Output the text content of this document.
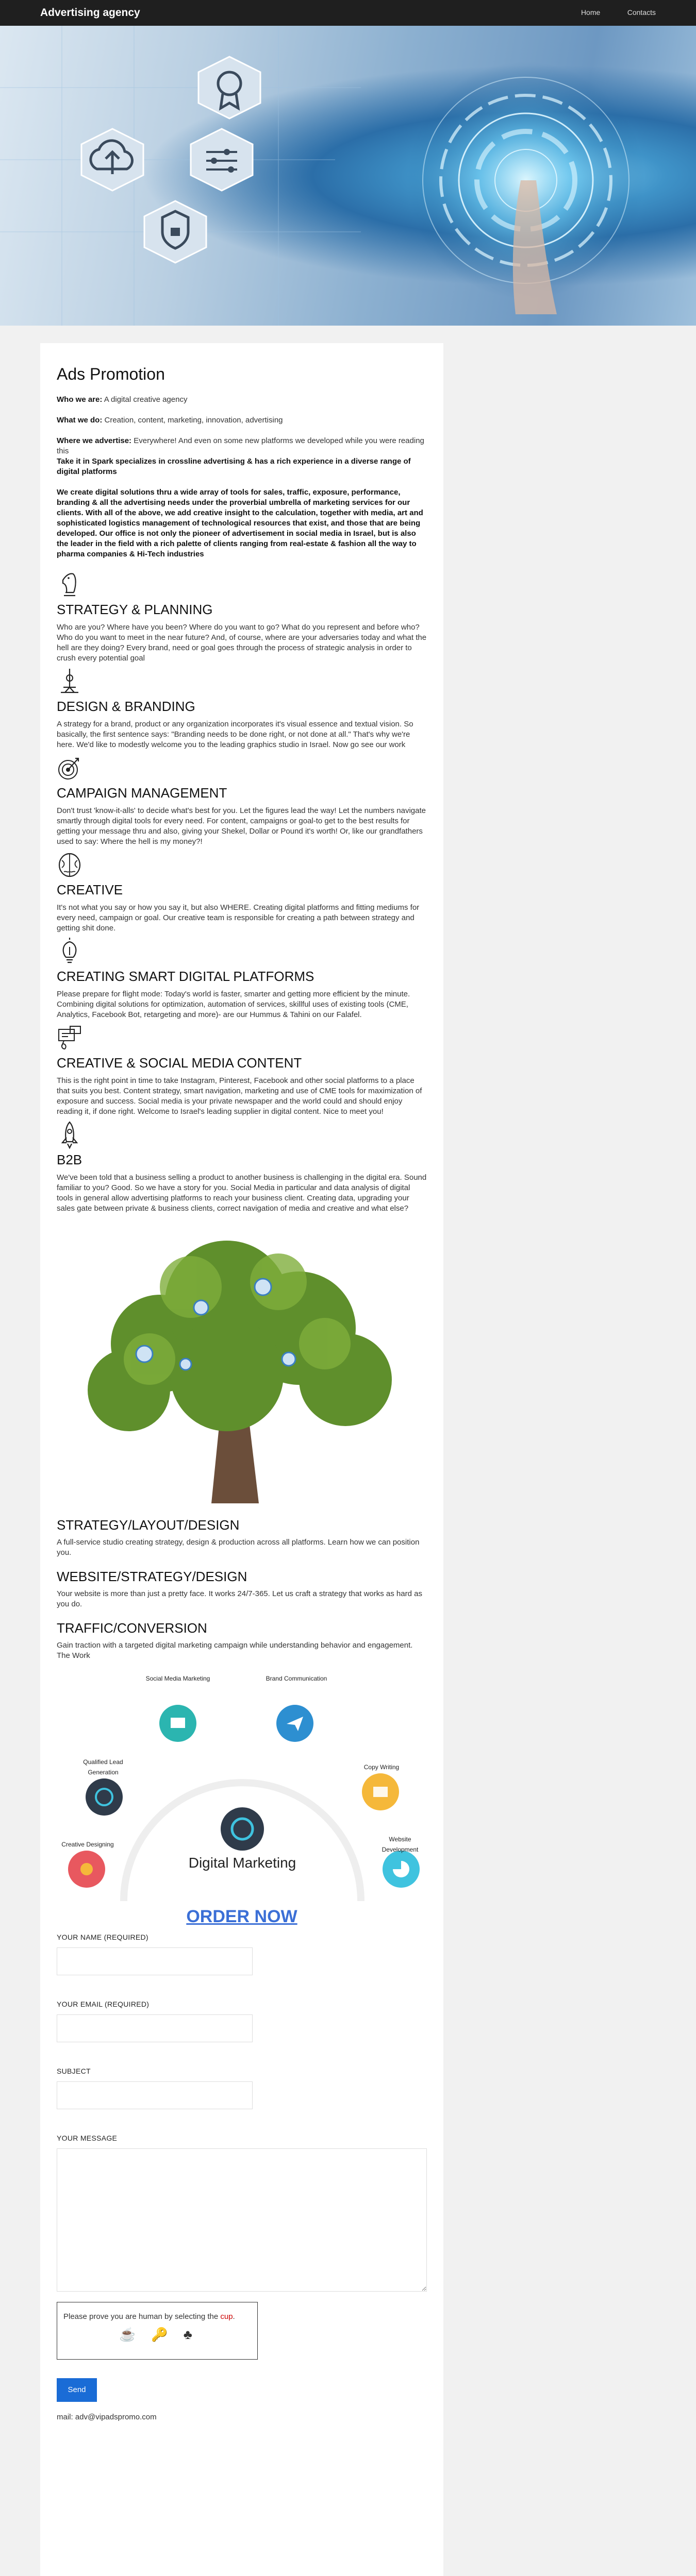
Advertising agency	Home	Contacts
Ads Promotion

Who we are: A digital creative agency

What we do: Creation, content, marketing, innovation, advertising

Where we advertise: Everywhere! And even on some new platforms we developed while you were reading this
Take it in Spark specializes in crossline advertising & has a rich experience in a diverse range of digital platforms

We create digital solutions thru a wide array of tools for sales, traffic, exposure, performance, branding & all the advertising needs under the proverbial umbrella of marketing services for our clients. With all of the above, we add creative insight to the calculation, together with media, art and sophisticated logistics management of technological resources that exist, and those that are being developed. Our office is not only the pioneer of advertisement in social media in Israel, but is also the leader in the field with a rich palette of clients ranging from real-estate & fashion all the way to pharma companies & Hi-Tech industries

STRATEGY & PLANNING

Who are you? Where have you been? Where do you want to go? What do you represent and before who? Who do you want to meet in the near future? And, of course, where are your adversaries today and what the hell are they doing? Every brand, need or goal goes through the process of strategic analysis in order to crush every potential goal

DESIGN & BRANDING

A strategy for a brand, product or any organization incorporates it's visual essence and textual vision. So basically, the first sentence says: "Branding needs to be done right, or not done at all." That's why we're here. We'd like to modestly welcome you to the leading graphics studio in Israel. Now go see our work

CAMPAIGN MANAGEMENT

Don't trust 'know-it-alls' to decide what's best for you. Let the figures lead the way! Let the numbers navigate smartly through digital tools for every need. For content, campaigns or goal-to get to the best results for getting your message thru and also, giving your Shekel, Dollar or Pound it's worth! Or, like our grandfathers used to say: Where the hell is my money?!

CREATIVE

It's not what you say or how you say it, but also WHERE. Creating digital platforms and fitting mediums for every need, campaign or goal. Our creative team is responsible for creating a path between strategy and getting shit done.

CREATING SMART DIGITAL PLATFORMS

Please prepare for flight mode: Today's world is faster, smarter and getting more efficient by the minute. Combining digital solutions for optimization, automation of services, skillful uses of existing tools (CME, Analytics, Facebook Bot, retargeting and more)- are our Hummus & Tahini on our Falafel.

CREATIVE & SOCIAL MEDIA CONTENT

This is the right point in time to take Instagram, Pinterest, Facebook and other social platforms to a place that suits you best. Content strategy, smart navigation, marketing and use of CME tools for maximization of exposure and success. Social media is your private newspaper and the world could and should enjoy reading it, if done right. Welcome to Israel's leading supplier in digital content. Nice to meet you!

B2B

We've been told that a business selling a product to another business is challenging in the digital era. Sound familiar to you? Good. So we have a story for you. Social Media in particular and data analysis of digital tools in general allow advertising platforms to reach your business client. Creating data, upgrading your sales gate between private & business clients, correct navigation of media and creative and what else?

STRATEGY/LAYOUT/DESIGN

A full-service studio creating strategy, design & production across all platforms. Learn how we can position you.

WEBSITE/STRATEGY/DESIGN

Your website is more than just a pretty face. It works 24/7-365. Let us craft a strategy that works as hard as you do.

TRAFFIC/CONVERSION

Gain traction with a targeted digital marketing campaign while understanding behavior and engagement.

The Work
Social Media Marketing	Brand Communication
Qualified Lead Generation
Copy Writing
Creative Designing
Website Development
Digital Marketing
ORDER NOW
YOUR NAME (REQUIRED)
YOUR EMAIL (REQUIRED)
SUBJECT
YOUR MESSAGE
Please prove you are human by selecting the cup.
☕ 🔑 ♣
Send
mail: adv@vipadspromo.com
